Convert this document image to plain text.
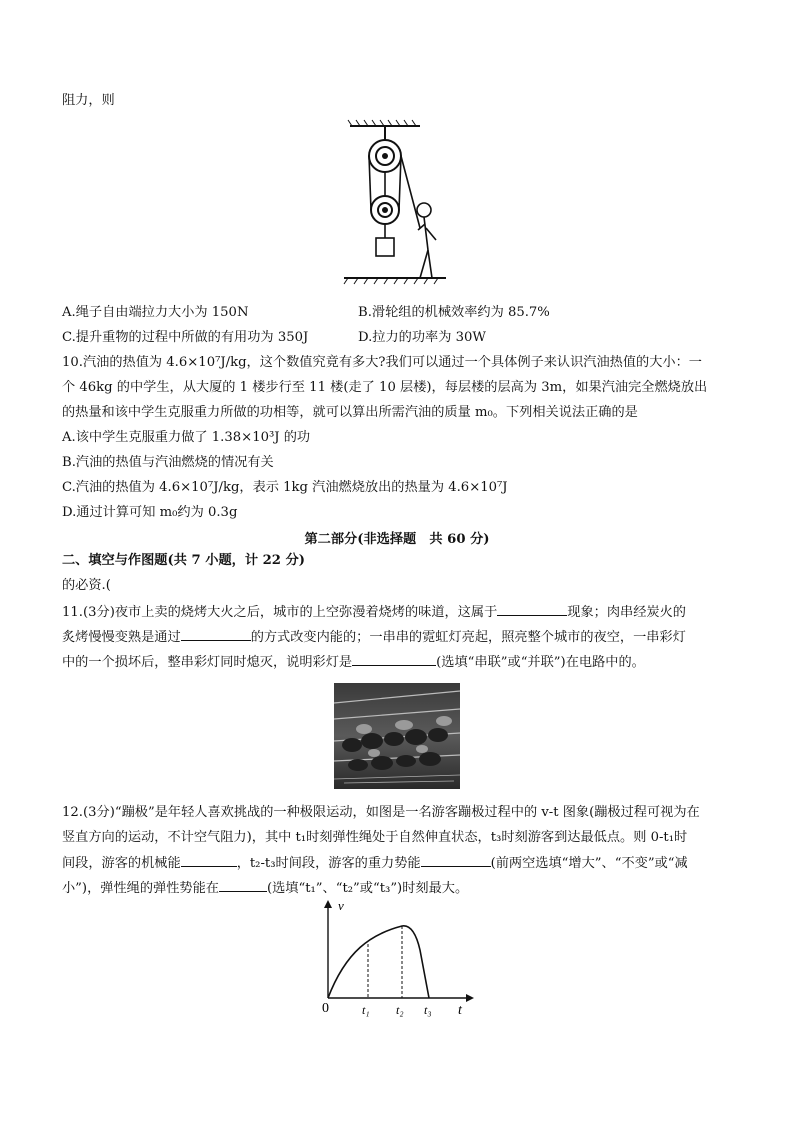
阻力，则
A.绳子自由端拉力大小为 150N	B.滑轮组的机械效率约为 85.7%
C.提升重物的过程中所做的有用功为 350J	D.拉力的功率为 30W
10.汽油的热值为 4.6×10⁷J/kg，这个数值究竟有多大?我们可以通过一个具体例子来认识汽油热值的大小：一
个 46kg 的中学生，从大厦的 1 楼步行至 11 楼(走了 10 层楼)，每层楼的层高为 3m，如果汽油完全燃烧放出
的热量和该中学生克服重力所做的功相等，就可以算出所需汽油的质量 m₀。下列相关说法正确的是
A.该中学生克服重力做了 1.38×10³J 的功
B.汽油的热值与汽油燃烧的情况有关
C.汽油的热值为 4.6×10⁷J/kg，表示 1kg 汽油燃烧放出的热量为 4.6×10⁷J
D.通过计算可知 m₀约为 0.3g
第二部分(非选择题　共 60 分)
二、填空与作图题(共 7 小题，计 22 分)
的必资.(
11.(3分)夜市上卖的烧烤大火之后，城市的上空弥漫着烧烤的味道，这属于	现象；肉串经炭火的
炙烤慢慢变熟是通过	的方式改变内能的；一串串的霓虹灯亮起，照亮整个城市的夜空，一串彩灯
中的一个损坏后，整串彩灯同时熄灭，说明彩灯是	(选填“串联”或“并联”)在电路中的。
12.(3分)“蹦极”是年轻人喜欢挑战的一种极限运动，如图是一名游客蹦极过程中的 v-t 图象(蹦极过程可视为在
竖直方向的运动，不计空气阻力)，其中 t₁时刻弹性绳处于自然伸直状态，t₃时刻游客到达最低点。则 0-t₁时
间段，游客的机械能	，t₂-t₃时间段，游客的重力势能	(前两空选填“增大”、“不变”或“减
小”)，弹性绳的弹性势能在	(选填“t₁”、“t₂”或“t₃”)时刻最大。
v
0	t₁ t₂ t₃ t
